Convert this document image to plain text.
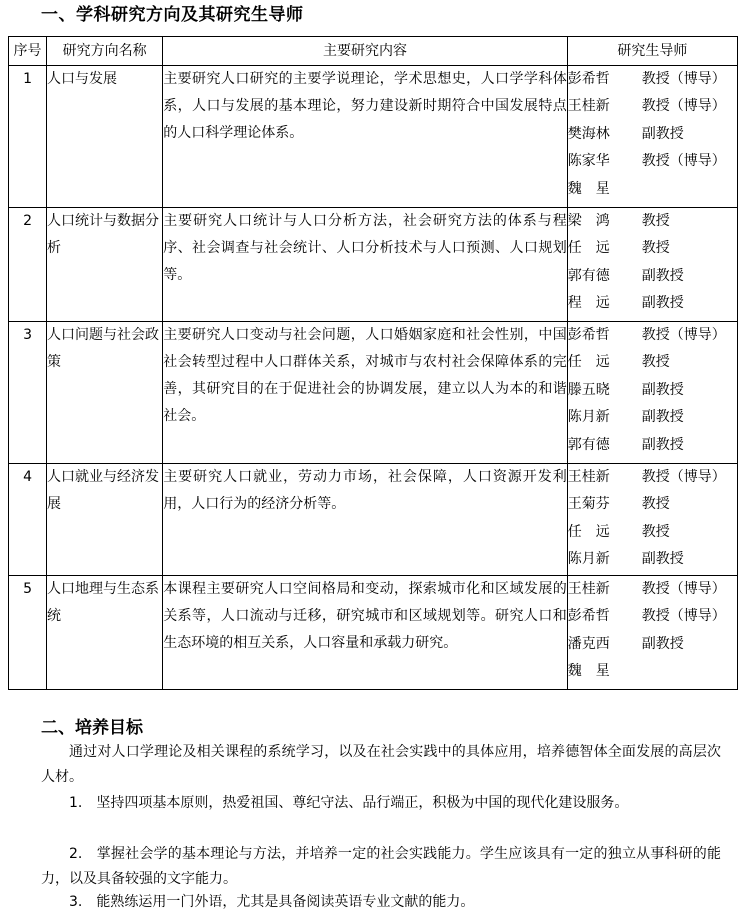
一、学科研究方向及其研究生导师
序号	研究方向名称	主要研究内容	研究生导师
1	人口与发展	主要研究人口研究的主要学说理论，学术思想史，人口学学科体系，人口与发展的基本理论，努力建设新时期符合中国发展特点的人口科学理论体系。	彭希哲 教授（博导）
王桂新 教授（博导）
樊海林 副教授
陈家华 教授（博导）
魏星

2	人口统计与数据分析	主要研究人口统计与人口分析方法，社会研究方法的体系与程序、社会调查与社会统计、人口分析技术与人口预测、人口规划等。	梁鸿 教授
任远 教授
郭有德 副教授
程远 副教授

3	人口问题与社会政策	主要研究人口变动与社会问题，人口婚姻家庭和社会性别，中国社会转型过程中人口群体关系，对城市与农村社会保障体系的完善，其研究目的在于促进社会的协调发展，建立以人为本的和谐社会。	彭希哲 教授（博导）
任远 教授
滕五晓 副教授
陈月新 副教授
郭有德 副教授

4	人口就业与经济发展	主要研究人口就业，劳动力市场，社会保障，人口资源开发利用，人口行为的经济分析等。	王桂新 教授（博导）
王菊芬 教授
任远 教授
陈月新 副教授

5	人口地理与生态系统	本课程主要研究人口空间格局和变动，探索城市化和区域发展的关系等，人口流动与迁移，研究城市和区域规划等。研究人口和生态环境的相互关系，人口容量和承载力研究。	王桂新 教授（博导）
彭希哲 教授（博导）
潘克西 副教授
魏星
二、培养目标
通过对人口学理论及相关课程的系统学习，以及在社会实践中的具体应用，培养德智体全面发展的高层次人材。
1.　坚持四项基本原则，热爱祖国、尊纪守法、品行端正，积极为中国的现代化建设服务。
2.　掌握社会学的基本理论与方法，并培养一定的社会实践能力。学生应该具有一定的独立从事科研的能力，以及具备较强的文字能力。
3.　能熟练运用一门外语，尤其是具备阅读英语专业文献的能力。
